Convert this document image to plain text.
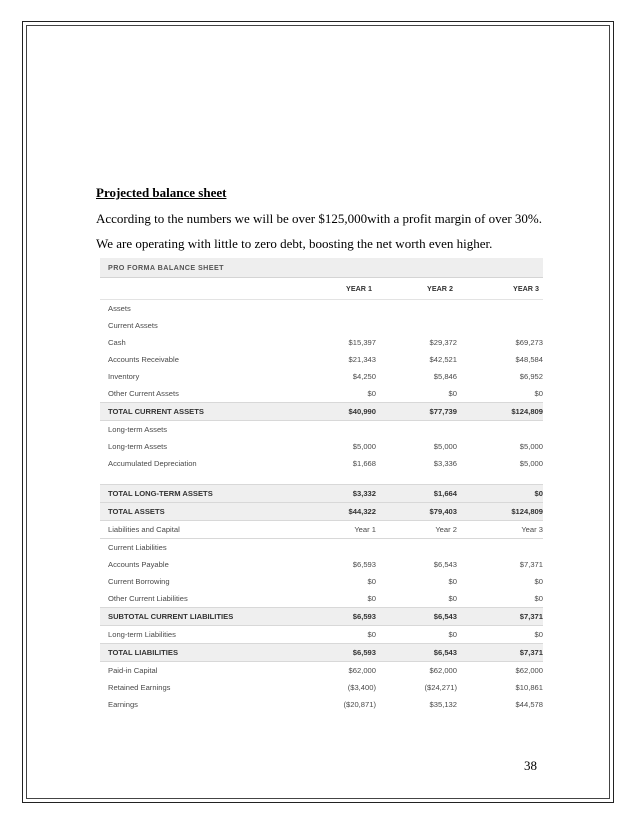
Projected balance sheet
According to the numbers we will be over $125,000with a profit margin of over 30%.
We are operating with little to zero debt, boosting the net worth even higher.
PRO FORMA BALANCE SHEET
	YEAR 1	YEAR 2	YEAR 3
Assets			
Current Assets			
Cash	$15,397	$29,372	$69,273
Accounts Receivable	$21,343	$42,521	$48,584
Inventory	$4,250	$5,846	$6,952
Other Current Assets	$0	$0	$0
TOTAL CURRENT ASSETS	$40,990	$77,739	$124,809
Long-term Assets			
Long-term Assets	$5,000	$5,000	$5,000
Accumulated Depreciation	$1,668	$3,336	$5,000

TOTAL LONG-TERM ASSETS	$3,332	$1,664	$0
TOTAL ASSETS	$44,322	$79,403	$124,809
Liabilities and Capital	Year 1	Year 2	Year 3
Current Liabilities			
Accounts Payable	$6,593	$6,543	$7,371
Current Borrowing	$0	$0	$0
Other Current Liabilities	$0	$0	$0
SUBTOTAL CURRENT LIABILITIES	$6,593	$6,543	$7,371
Long-term Liabilities	$0	$0	$0
TOTAL LIABILITIES	$6,593	$6,543	$7,371
Paid-in Capital	$62,000	$62,000	$62,000
Retained Earnings	($3,400)	($24,271)	$10,861
Earnings	($20,871)	$35,132	$44,578
38
